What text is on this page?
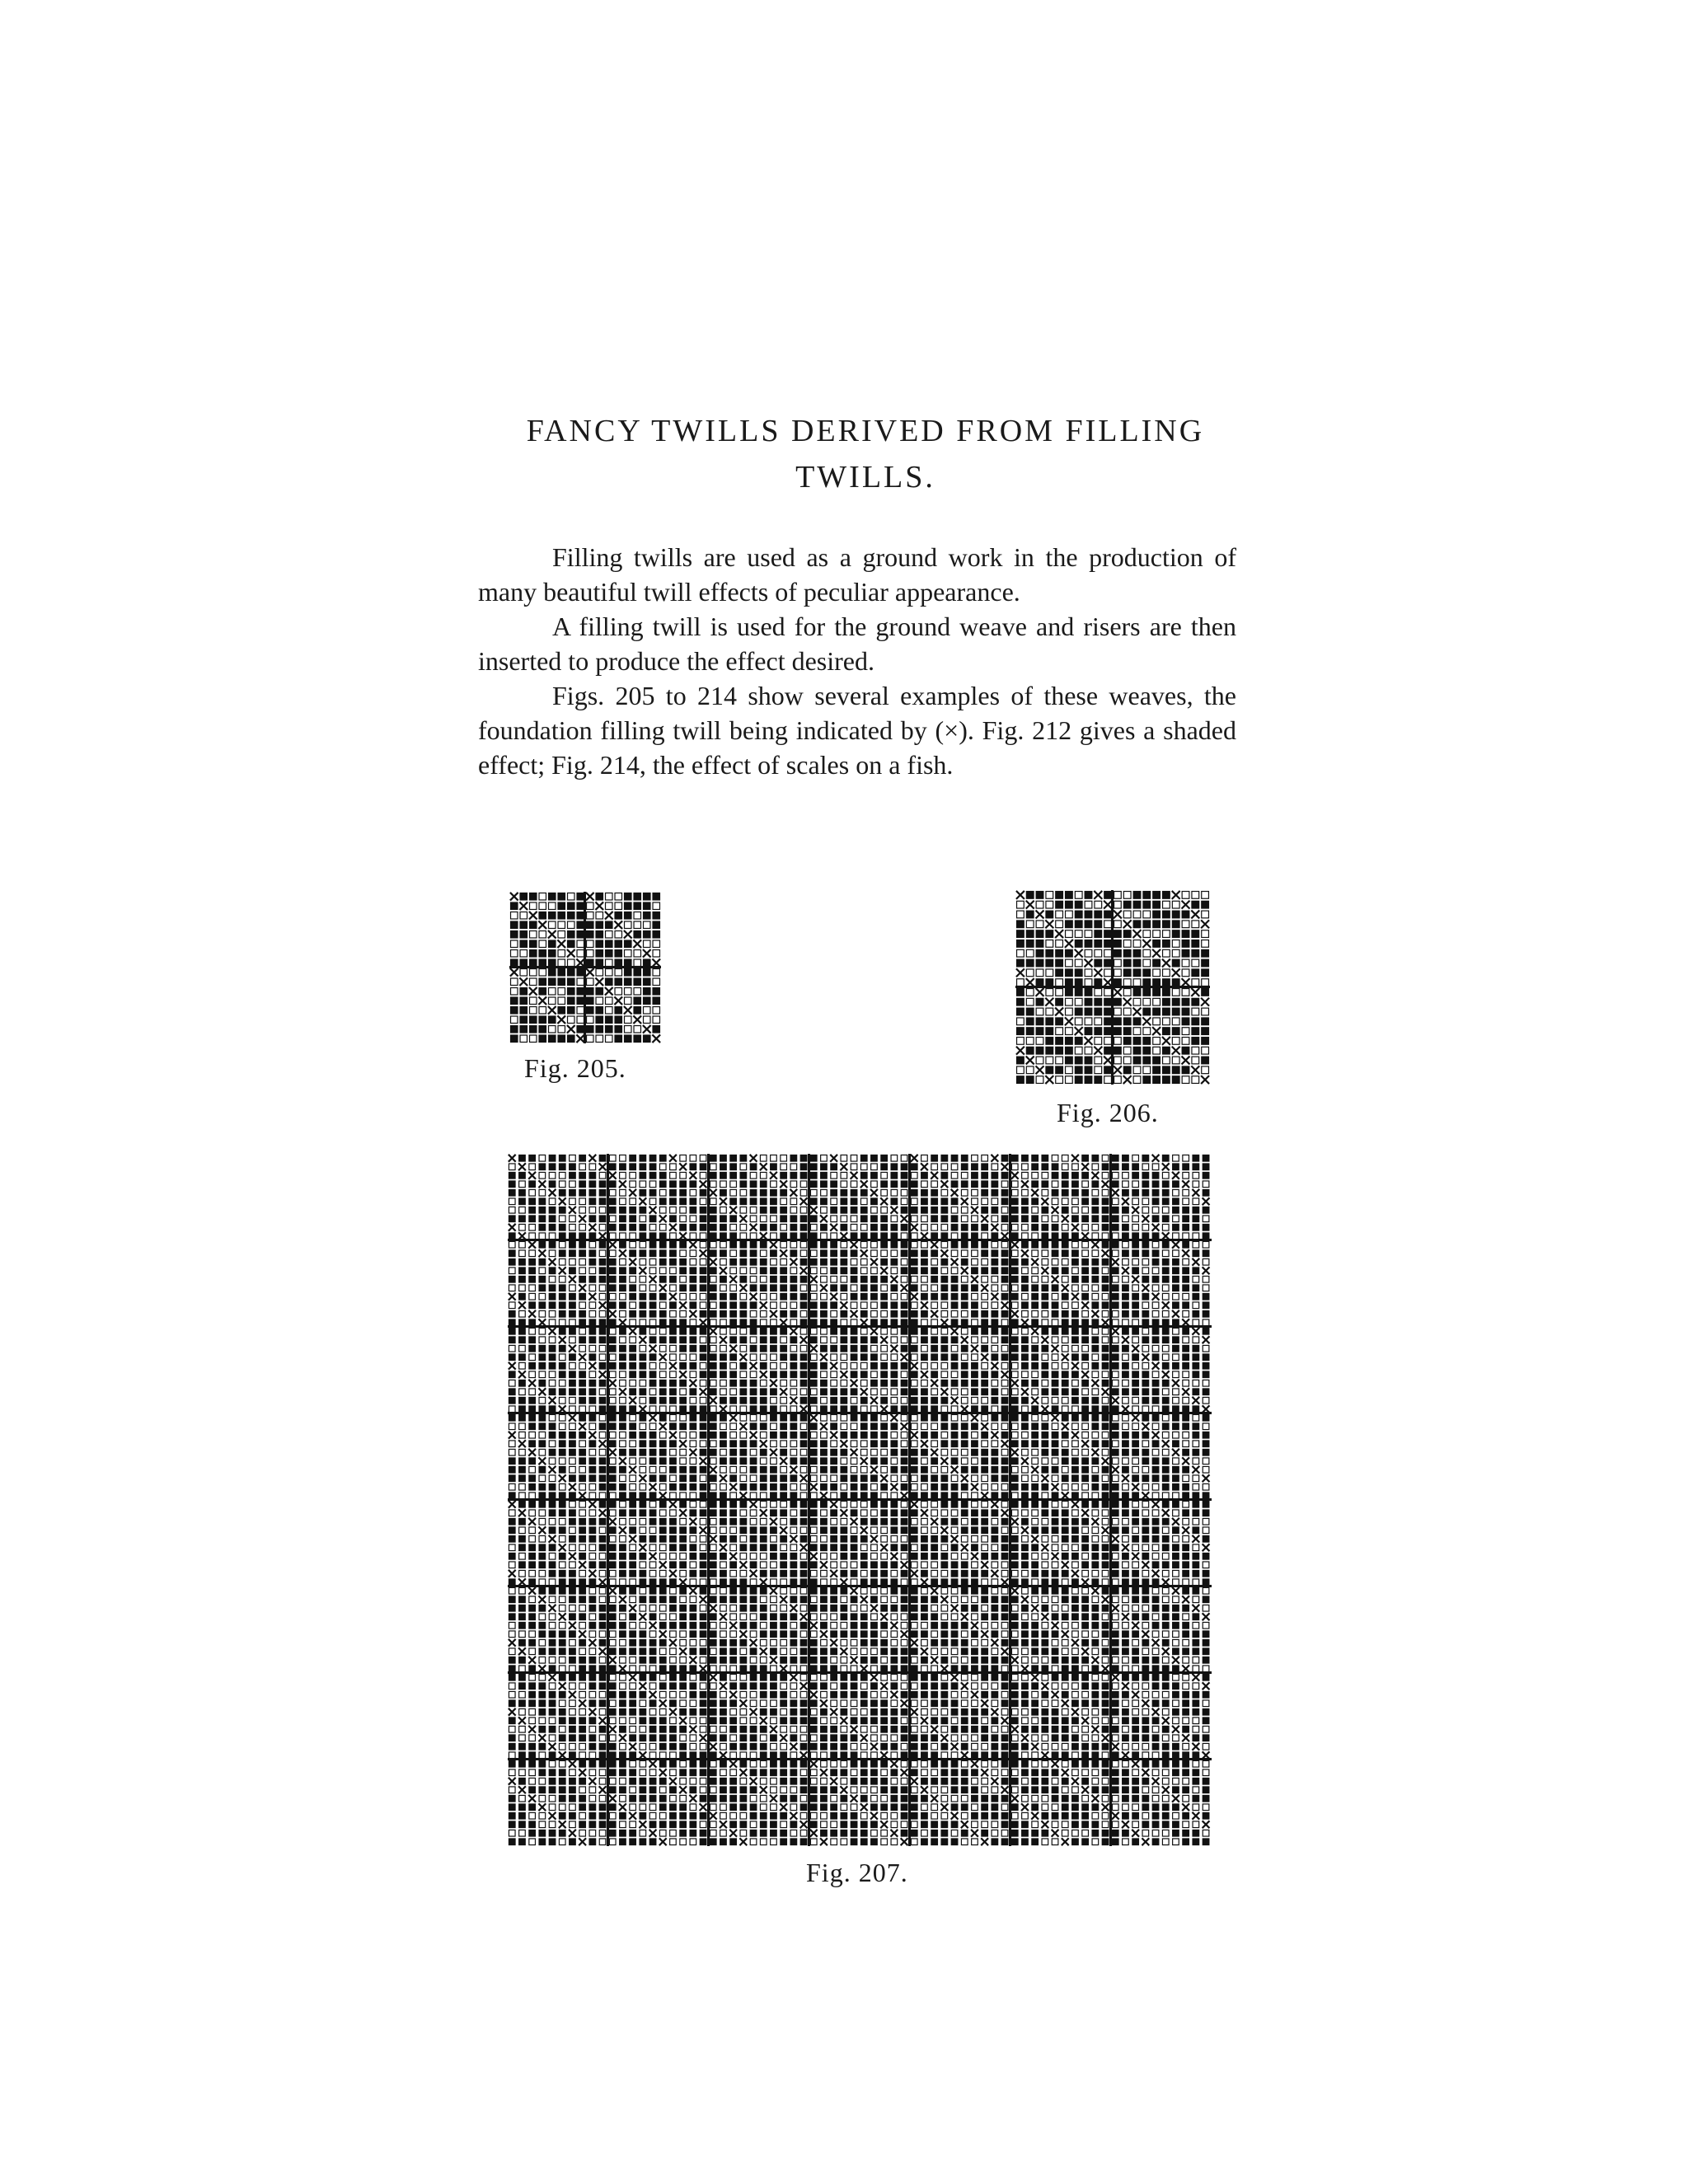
FANCY TWILLS DERIVED FROM FILLING
TWILLS.

Filling twills are used as a ground work in the production of many beautiful twill effects of peculiar appearance.

A filling twill is used for the ground weave and risers are then inserted to produce the effect desired.

Figs. 205 to 214 show several examples of these weaves, the foundation filling twill being indicated by (×). Fig. 212 gives a shaded effect; Fig. 214, the effect of scales on a fish.

Fig. 205.
Fig. 206.
Fig. 207.
